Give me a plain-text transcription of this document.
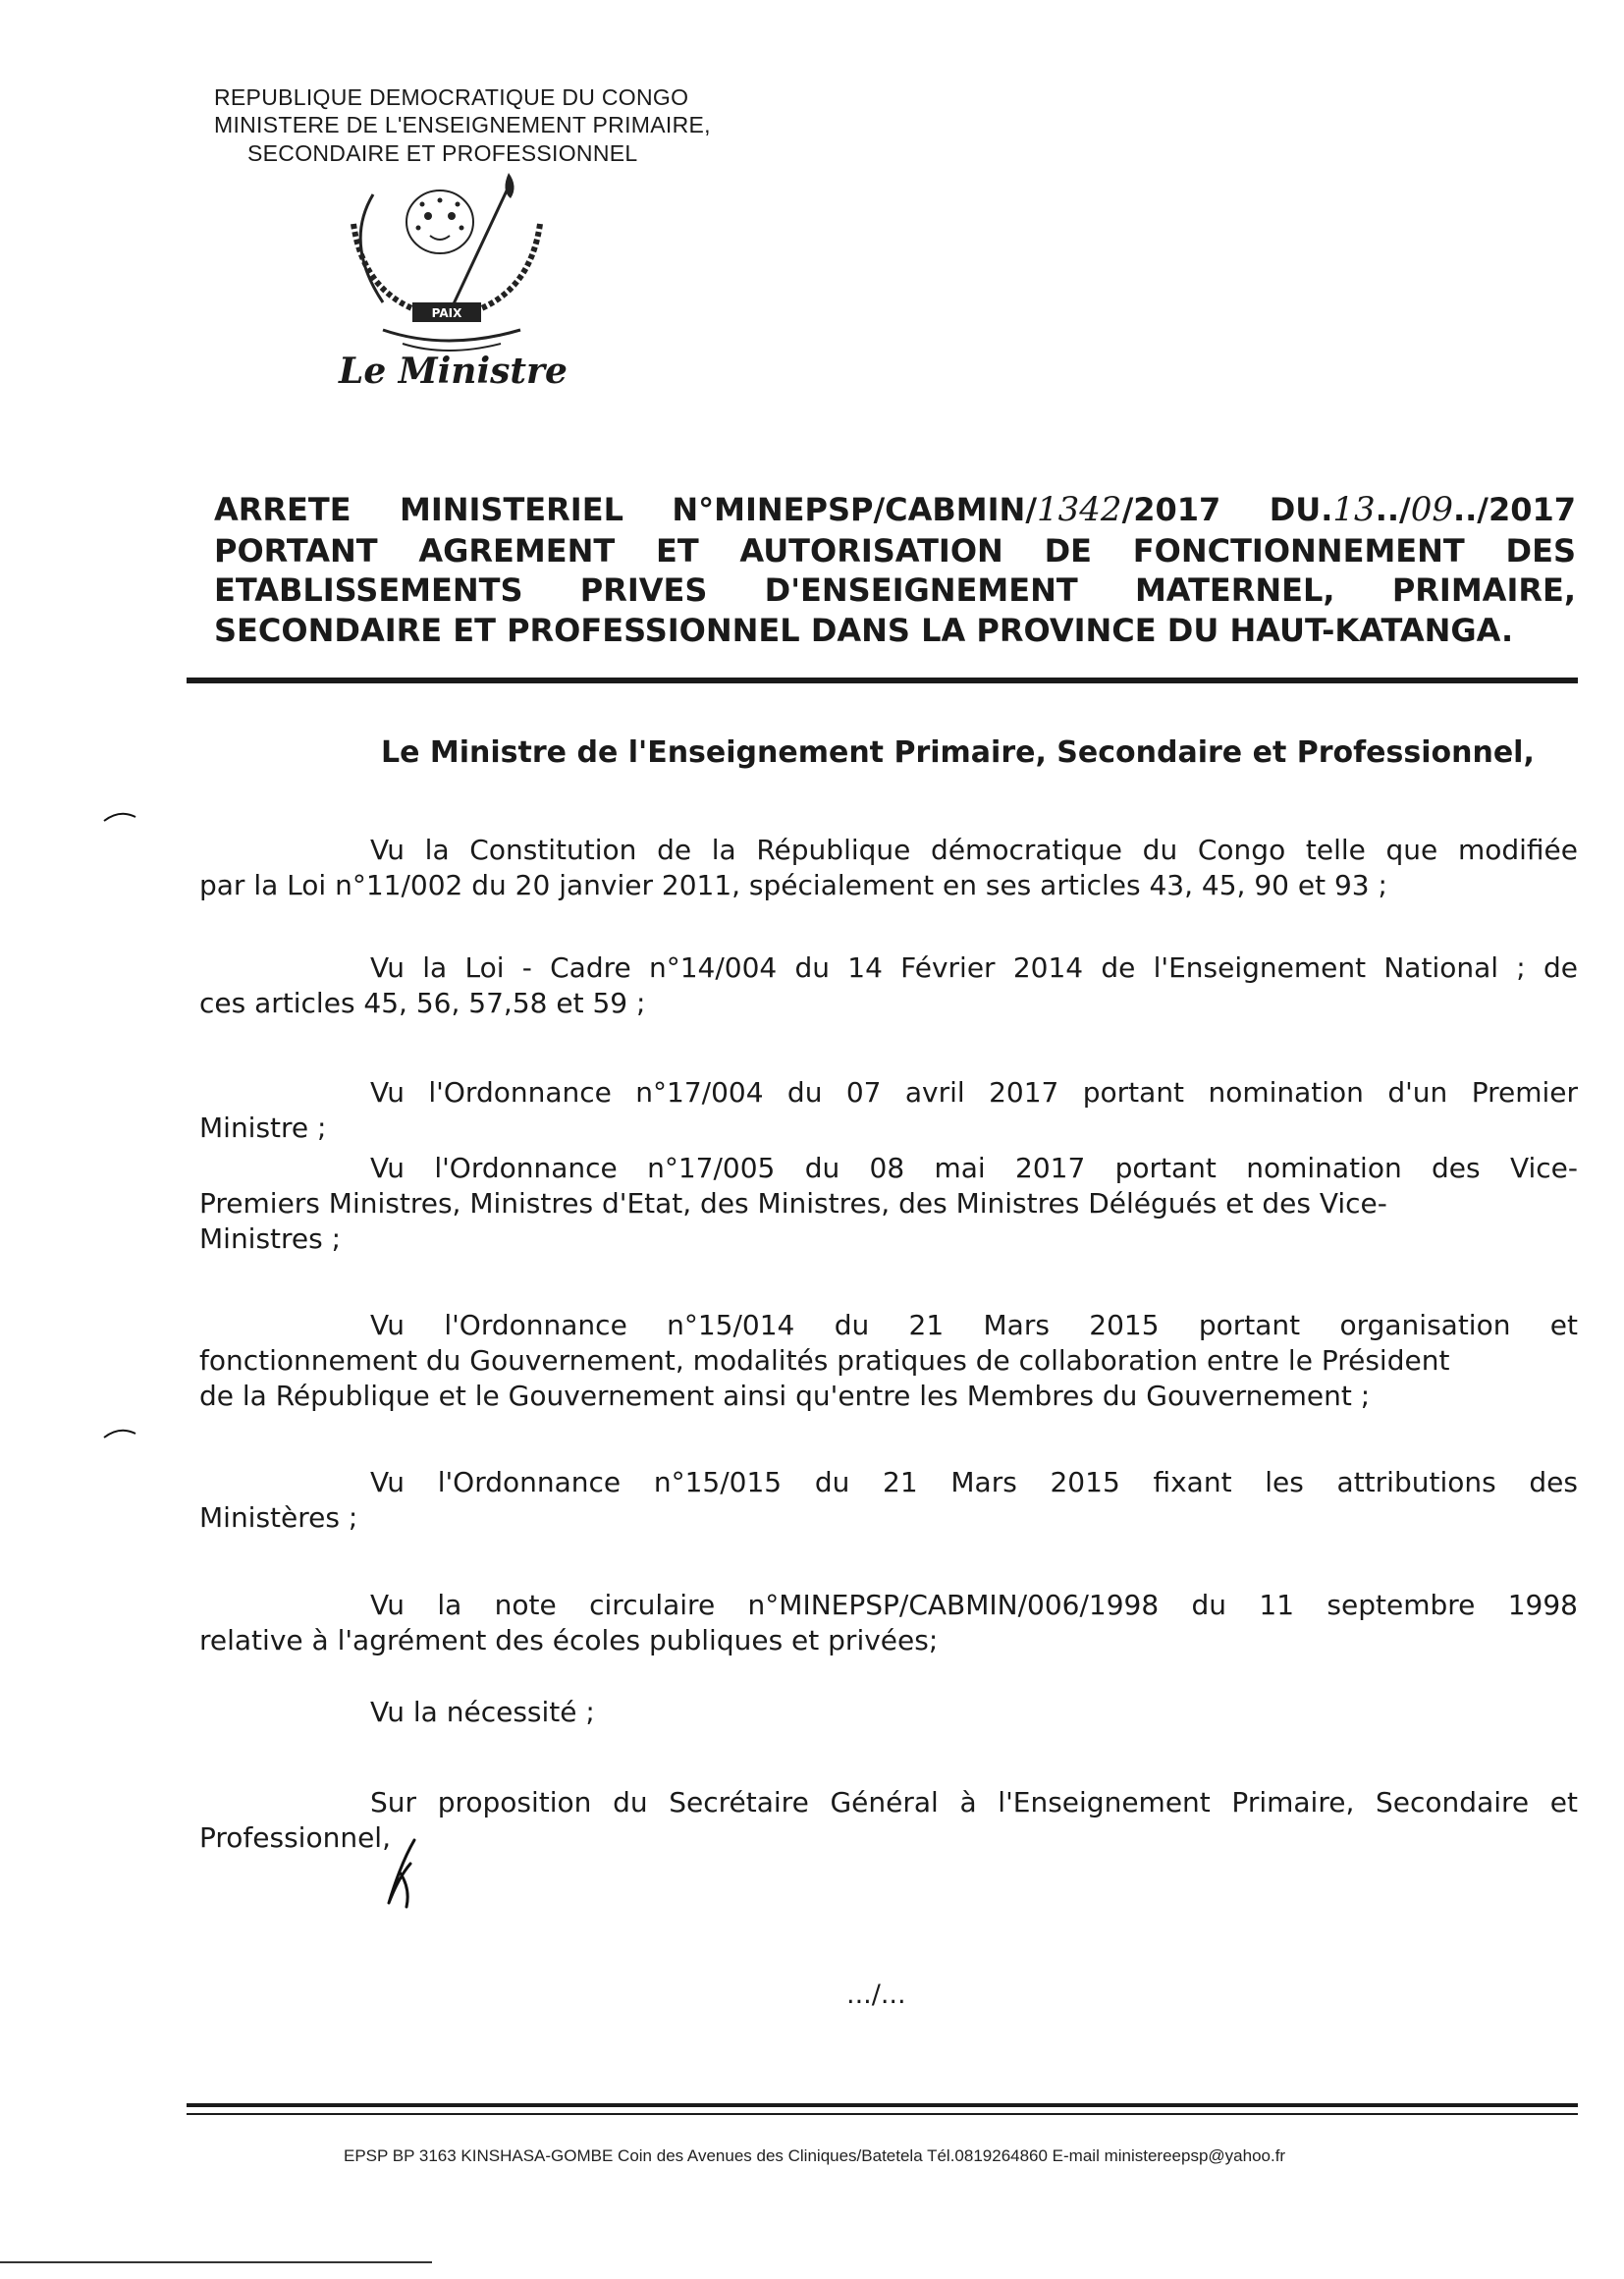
REPUBLIQUE DEMOCRATIQUE DU CONGO
MINISTERE DE L'ENSEIGNEMENT PRIMAIRE,
SECONDAIRE ET PROFESSIONNEL
PAIX
Le Ministre
ARRETE MINISTERIEL N°MINEPSP/CABMIN/1342/2017 DU.13../09../2017
PORTANT AGREMENT ET AUTORISATION DE FONCTIONNEMENT DES
ETABLISSEMENTS PRIVES D'ENSEIGNEMENT MATERNEL, PRIMAIRE,
SECONDAIRE ET PROFESSIONNEL DANS LA PROVINCE DU HAUT-KATANGA.
Le Ministre de l'Enseignement Primaire, Secondaire et Professionnel,
Vu la Constitution de la République démocratique du Congo telle que modifiée
par la Loi n°11/002 du 20 janvier 2011, spécialement en ses articles 43, 45, 90 et 93 ;
Vu la Loi - Cadre n°14/004 du 14 Février 2014 de l'Enseignement National ; de
ces articles 45, 56, 57,58 et 59 ;
Vu l'Ordonnance n°17/004 du 07 avril 2017 portant nomination d'un Premier
Ministre ;
Vu l'Ordonnance n°17/005 du 08 mai 2017 portant nomination des Vice-
Premiers Ministres, Ministres d'Etat, des Ministres, des Ministres Délégués et des Vice-
Ministres ;
Vu l'Ordonnance n°15/014 du 21 Mars 2015 portant organisation et
fonctionnement du Gouvernement, modalités pratiques de collaboration entre le Président
de la République et le Gouvernement ainsi qu'entre les Membres du Gouvernement ;
Vu l'Ordonnance n°15/015 du 21 Mars 2015 fixant les attributions des
Ministères ;
Vu la note circulaire n°MINEPSP/CABMIN/006/1998 du 11 septembre 1998
relative à l'agrément des écoles publiques et privées;
Vu la nécessité ;
Sur proposition du Secrétaire Général à l'Enseignement Primaire, Secondaire et
Professionnel,
.../...
EPSP BP 3163 KINSHASA-GOMBE Coin des Avenues des Cliniques/Batetela Tél.0819264860 E-mail ministereepsp@yahoo.fr
